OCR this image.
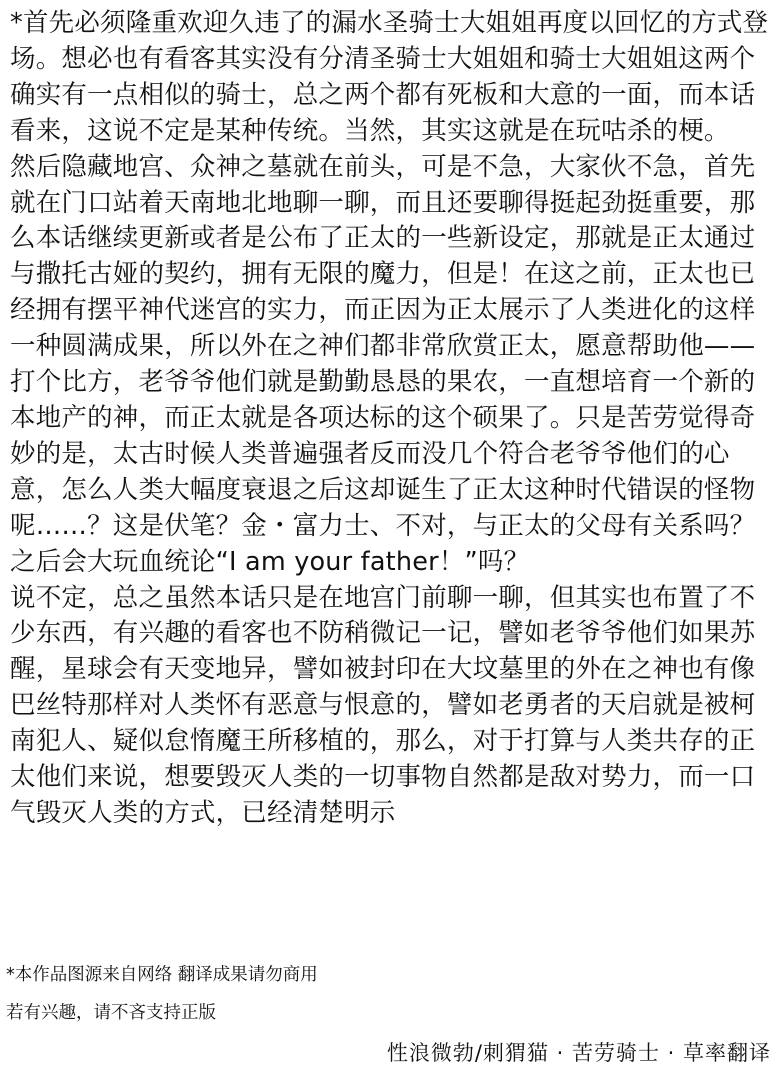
*首先必须隆重欢迎久违了的漏水圣骑士大姐姐再度以回忆的方式登场。想必也有看客其实没有分清圣骑士大姐姐和骑士大姐姐这两个确实有一点相似的骑士，总之两个都有死板和大意的一面，而本话看来，这说不定是某种传统。当然，其实这就是在玩咕杀的梗。

然后隐藏地宫、众神之墓就在前头，可是不急，大家伙不急，首先就在门口站着天南地北地聊一聊，而且还要聊得挺起劲挺重要，那么本话继续更新或者是公布了正太的一些新设定，那就是正太通过与撒托古娅的契约，拥有无限的魔力，但是！在这之前，正太也已经拥有摆平神代迷宫的实力，而正因为正太展示了人类进化的这样一种圆满成果，所以外在之神们都非常欣赏正太，愿意帮助他——打个比方，老爷爷他们就是勤勤恳恳的果农，一直想培育一个新的本地产的神，而正太就是各项达标的这个硕果了。只是苦劳觉得奇妙的是，太古时候人类普遍强者反而没几个符合老爷爷他们的心意，怎么人类大幅度衰退之后这却诞生了正太这种时代错误的怪物呢……？这是伏笔？金・富力士、不对，与正太的父母有关系吗？之后会大玩血统论“I am your father！”吗？

说不定，总之虽然本话只是在地宫门前聊一聊，但其实也布置了不少东西，有兴趣的看客也不防稍微记一记，譬如老爷爷他们如果苏醒，星球会有天变地异，譬如被封印在大坟墓里的外在之神也有像巴丝特那样对人类怀有恶意与恨意的，譬如老勇者的天启就是被柯南犯人、疑似怠惰魔王所移植的，那么，对于打算与人类共存的正太他们来说，想要毁灭人类的一切事物自然都是敌对势力，而一口气毁灭人类的方式，已经清楚明示

*本作品图源来自网络 翻译成果请勿商用

若有兴趣，请不吝支持正版

性浪微勃/刺猬猫 · 苦劳骑士 · 草率翻译
